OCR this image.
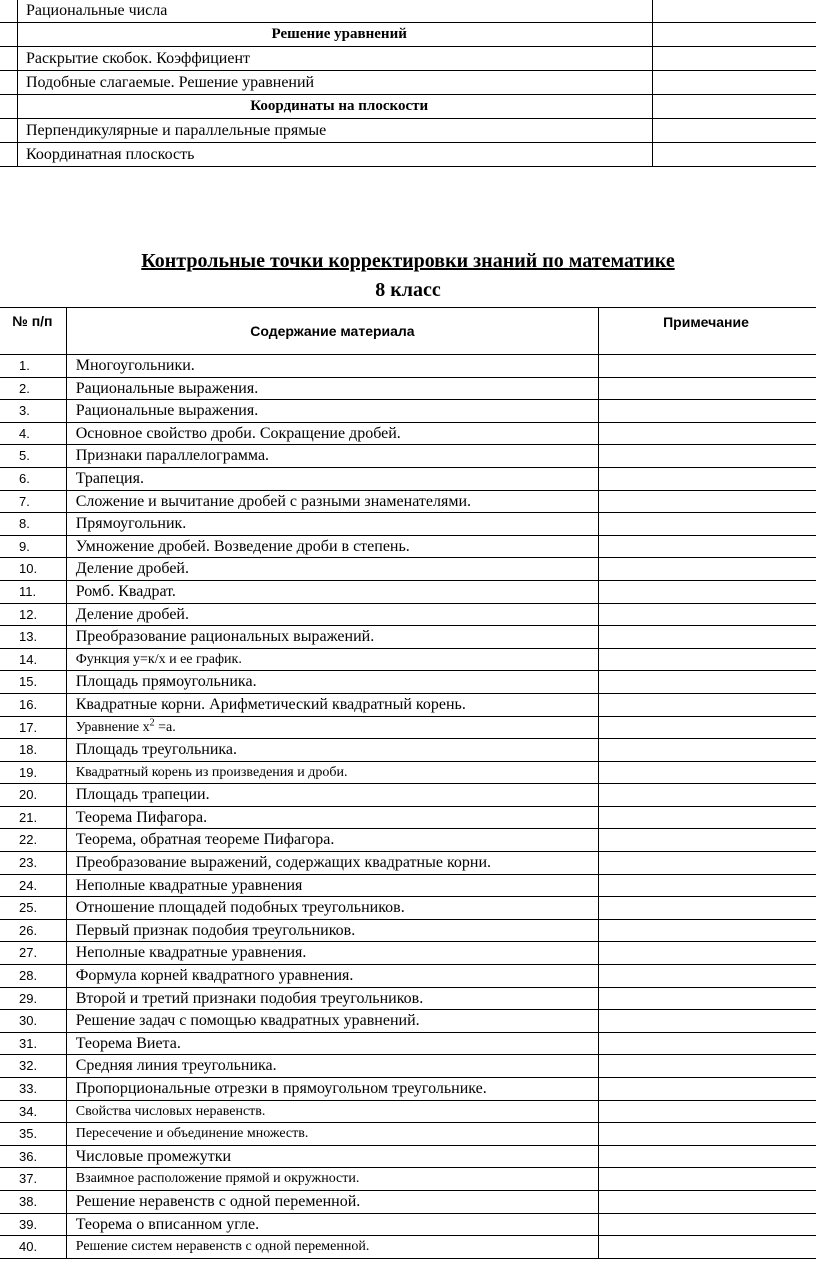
	Рациональные числа	
	Решение уравнений	
	Раскрытие скобок. Коэффициент	
	Подобные слагаемые. Решение уравнений	
	Координаты на плоскости	
	Перпендикулярные и параллельные прямые	
	Координатная плоскость	
Контрольные точки корректировки знаний по математике
8 класс
№ п/п	Содержание материала	Примечание
1.	Многоугольники.	
2.	Рациональные выражения.	
3.	Рациональные выражения.	
4.	Основное свойство дроби. Сокращение дробей.	
5.	Признаки параллелограмма.	
6.	Трапеция.	
7.	Сложение и вычитание дробей с разными знаменателями.	
8.	Прямоугольник.	
9.	Умножение дробей. Возведение дроби в степень.	
10.	Деление дробей.	
11.	Ромб. Квадрат.	
12.	Деление дробей.	
13.	Преобразование рациональных выражений.	
14.	Функция у=к/х и ее график.	
15.	Площадь прямоугольника.	
16.	Квадратные корни. Арифметический квадратный корень.	
17.	Уравнение $х^2 =а$.	
18.	Площадь треугольника.	
19.	Квадратный корень из произведения и дроби.	
20.	Площадь трапеции.	
21.	Теорема Пифагора.	
22.	Теорема, обратная теореме Пифагора.	
23.	Преобразование выражений, содержащих квадратные корни.	
24.	Неполные квадратные уравнения	
25.	Отношение площадей подобных треугольников.	
26.	Первый признак подобия треугольников.	
27.	Неполные квадратные уравнения.	
28.	Формула корней квадратного уравнения.	
29.	Второй и третий признаки подобия треугольников.	
30.	Решение задач с помощью квадратных уравнений.	
31.	Теорема Виета.	
32.	Средняя линия треугольника.	
33.	Пропорциональные отрезки в прямоугольном треугольнике.	
34.	Свойства числовых неравенств.	
35.	Пересечение и объединение множеств.	
36.	Числовые промежутки	
37.	Взаимное расположение прямой и окружности.	
38.	Решение неравенств с одной переменной.	
39.	Теорема о вписанном угле.	
40.	Решение систем неравенств с одной переменной.	
